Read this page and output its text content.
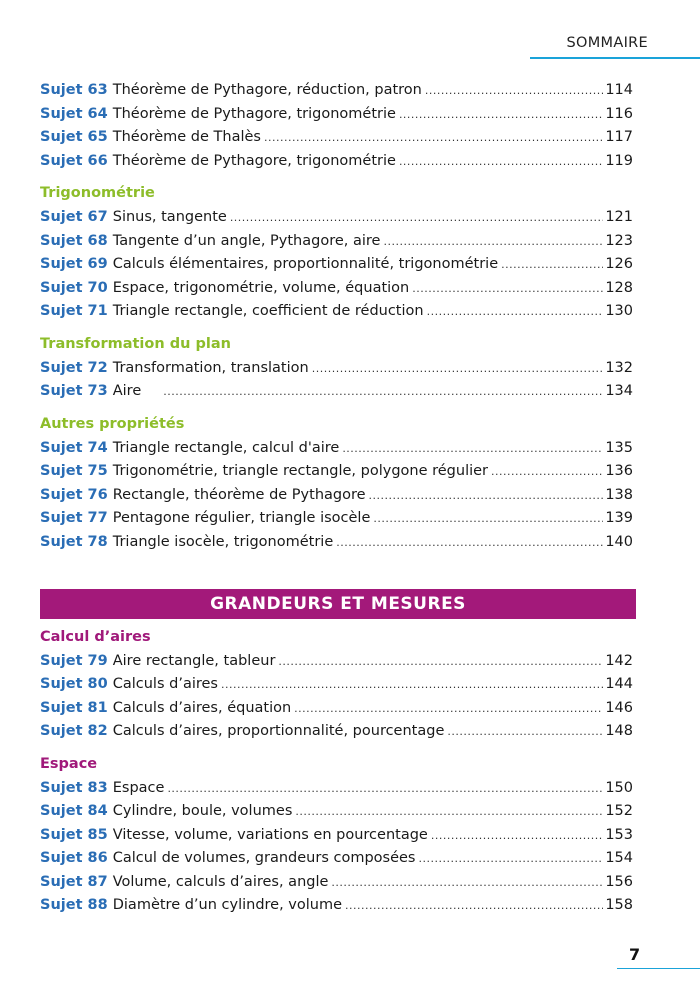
SOMMAIRE
Sujet 63 Théorème de Pythagore, réduction, patron .....	114
Sujet 64 Théorème de Pythagore, trigonométrie .....	116
Sujet 65 Théorème de Thalès .....	117
Sujet 66 Théorème de Pythagore, trigonométrie .....	119
Trigonométrie
Sujet 67 Sinus, tangente .....	121
Sujet 68 Tangente d’un angle, Pythagore, aire .....	123
Sujet 69 Calculs élémentaires, proportionnalité, trigonométrie .....	126
Sujet 70 Espace, trigonométrie, volume, équation .....	128
Sujet 71 Triangle rectangle, coefficient de réduction .....	130
Transformation du plan
Sujet 72 Transformation, translation .....	132
Sujet 73 Aire .....	134
Autres propriétés
Sujet 74 Triangle rectangle, calcul d'aire .....	135
Sujet 75 Trigonométrie, triangle rectangle, polygone régulier .....	136
Sujet 76 Rectangle, théorème de Pythagore .....	138
Sujet 77 Pentagone régulier, triangle isocèle .....	139
Sujet 78 Triangle isocèle, trigonométrie .....	140
GRANDEURS ET MESURES
Calcul d’aires
Sujet 79 Aire rectangle, tableur .....	142
Sujet 80 Calculs d’aires .....	144
Sujet 81 Calculs d’aires, équation .....	146
Sujet 82 Calculs d’aires, proportionnalité, pourcentage .....	148
Espace
Sujet 83 Espace .....	150
Sujet 84 Cylindre, boule, volumes .....	152
Sujet 85 Vitesse, volume, variations en pourcentage .....	153
Sujet 86 Calcul de volumes, grandeurs composées .....	154
Sujet 87 Volume, calculs d’aires, angle .....	156
Sujet 88 Diamètre d’un cylindre, volume .....	158
7
